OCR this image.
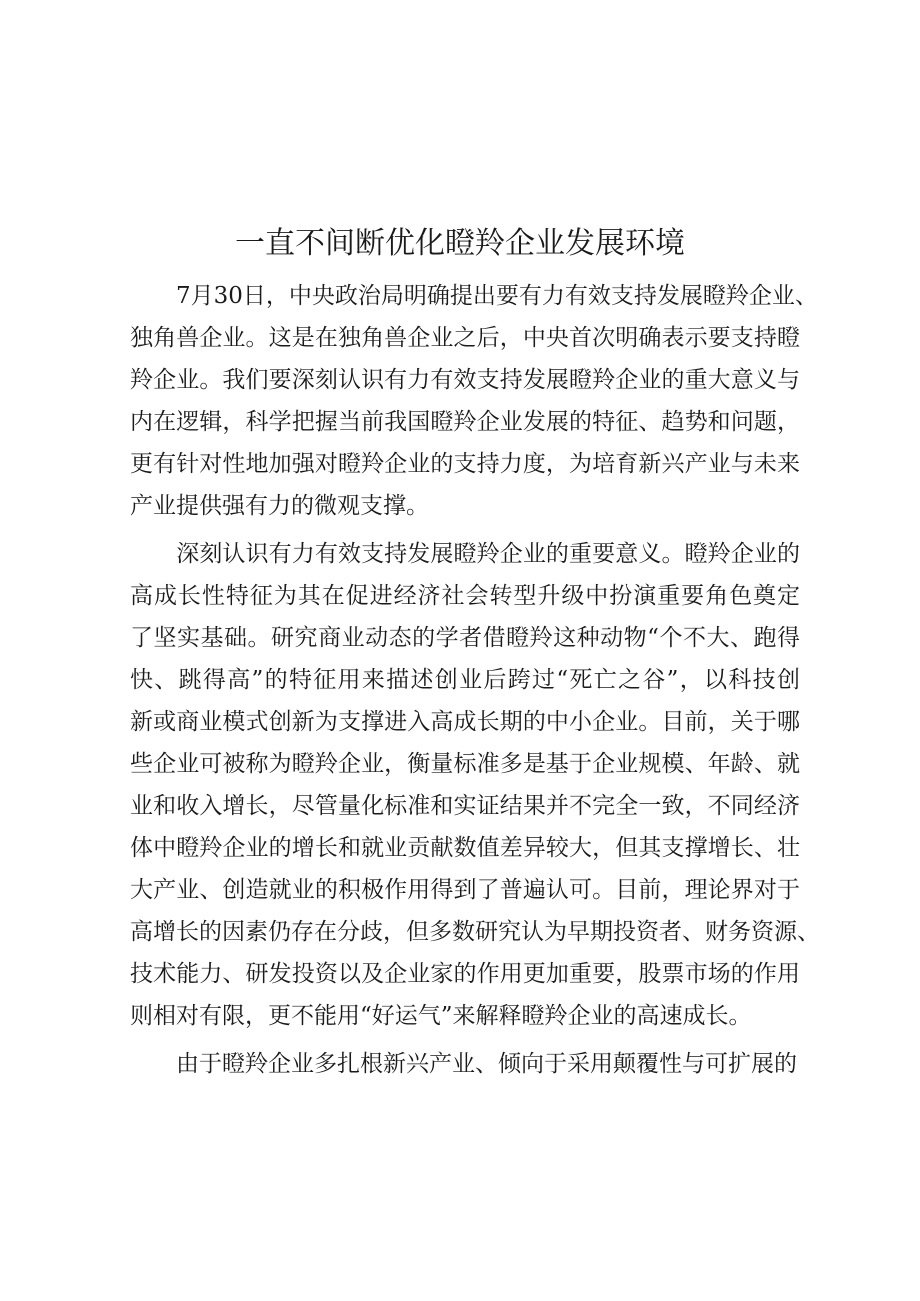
一直不间断优化瞪羚企业发展环境
　　7月30日，中央政治局明确提出要有力有效支持发展瞪羚企业、
独角兽企业。这是在独角兽企业之后，中央首次明确表示要支持瞪
羚企业。我们要深刻认识有力有效支持发展瞪羚企业的重大意义与
内在逻辑，科学把握当前我国瞪羚企业发展的特征、趋势和问题，
更有针对性地加强对瞪羚企业的支持力度，为培育新兴产业与未来
产业提供强有力的微观支撑。
　　深刻认识有力有效支持发展瞪羚企业的重要意义。瞪羚企业的
高成长性特征为其在促进经济社会转型升级中扮演重要角色奠定
了坚实基础。研究商业动态的学者借瞪羚这种动物“个不大、跑得
快、跳得高”的特征用来描述创业后跨过“死亡之谷”，以科技创
新或商业模式创新为支撑进入高成长期的中小企业。目前，关于哪
些企业可被称为瞪羚企业，衡量标准多是基于企业规模、年龄、就
业和收入增长，尽管量化标准和实证结果并不完全一致，不同经济
体中瞪羚企业的增长和就业贡献数值差异较大，但其支撑增长、壮
大产业、创造就业的积极作用得到了普遍认可。目前，理论界对于
高增长的因素仍存在分歧，但多数研究认为早期投资者、财务资源、
技术能力、研发投资以及企业家的作用更加重要，股票市场的作用
则相对有限，更不能用“好运气”来解释瞪羚企业的高速成长。
　　由于瞪羚企业多扎根新兴产业、倾向于采用颠覆性与可扩展的
